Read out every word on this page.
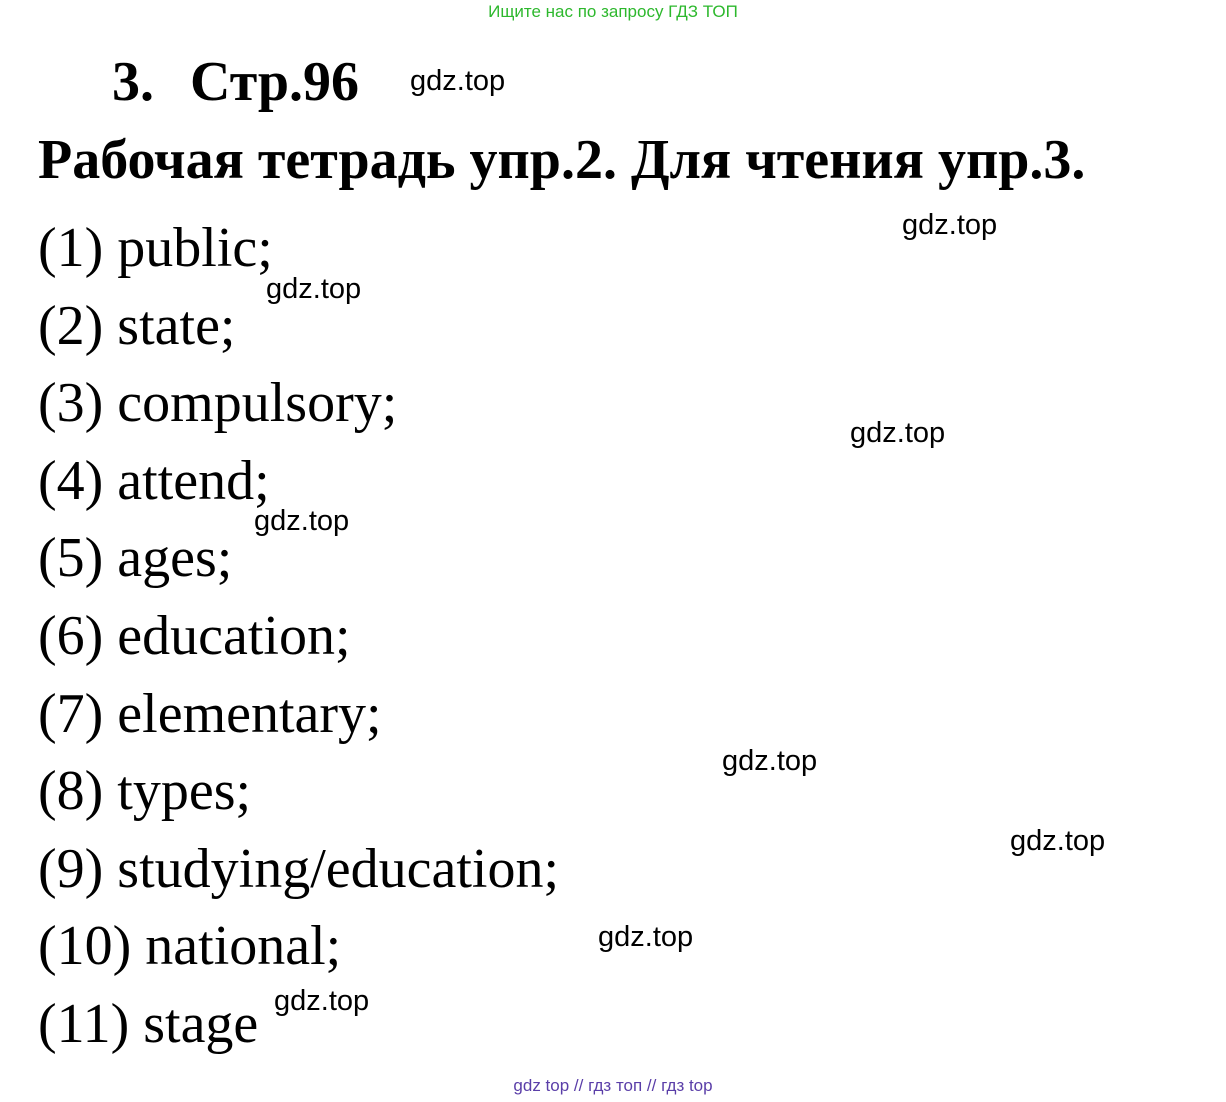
Ищите нас по запросу ГДЗ ТОП
3. Стр.96
Рабочая тетрадь упр.2. Для чтения упр.3.
(1) public;
(2) state;
(3) compulsory;
(4) attend;
(5) ages;
(6) education;
(7) elementary;
(8) types;
(9) studying/education;
(10) national;
(11) stage
gdz.top
gdz.top
gdz.top
gdz.top
gdz.top
gdz.top
gdz.top
gdz.top
gdz.top
gdz top // гдз топ // гдз top
